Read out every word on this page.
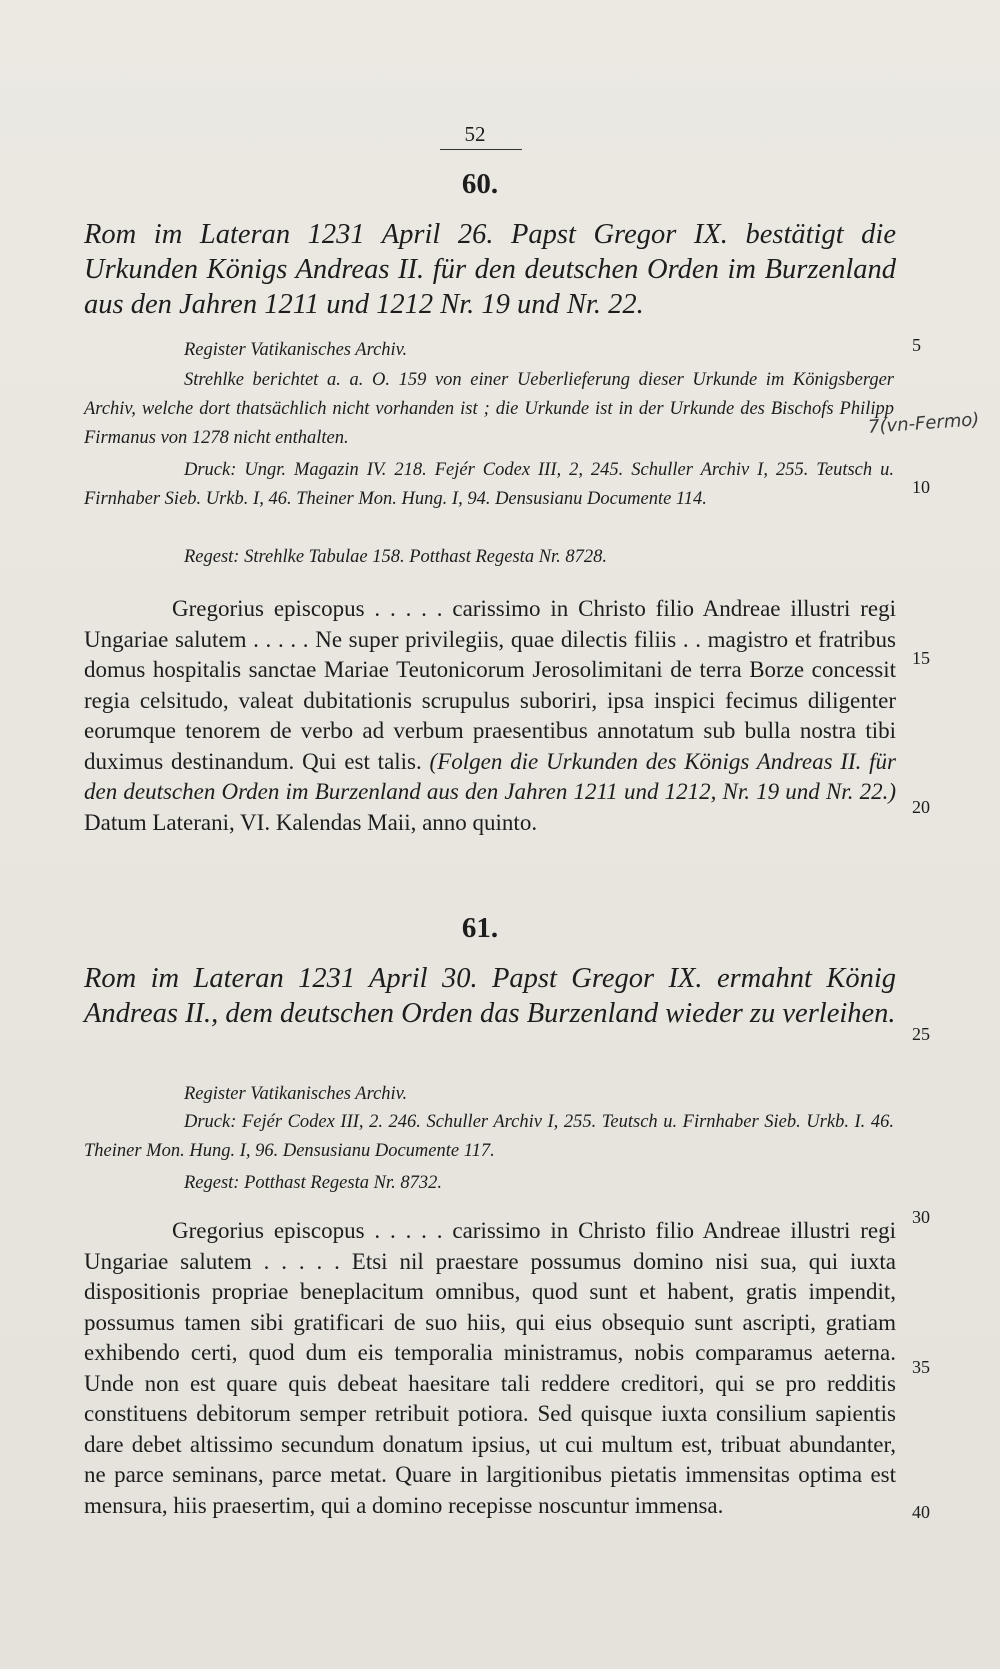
52
60.
Rom im Lateran 1231 April 26. Papst Gregor IX. bestätigt die Urkunden Königs Andreas II. für den deutschen Orden im Burzenland aus den Jahren 1211 und 1212 Nr. 19 und Nr. 22.
Register Vatikanisches Archiv.
Strehlke berichtet a. a. O. 159 von einer Ueberlieferung dieser Urkunde im Königsberger Archiv, welche dort thatsächlich nicht vorhanden ist ; die Urkunde ist in der Urkunde des Bischofs Philipp Firmanus von 1278 nicht enthalten.
7(vn-Fermo)
Druck: Ungr. Magazin IV. 218. Fejér Codex III, 2, 245. Schuller Archiv I, 255. Teutsch u. Firnhaber Sieb. Urkb. I, 46. Theiner Mon. Hung. I, 94. Densusianu Documente 114.
Regest: Strehlke Tabulae 158. Potthast Regesta Nr. 8728.
Gregorius episcopus . . . . . carissimo in Christo filio Andreae illustri regi Ungariae salutem . . . . . Ne super privilegiis, quae dilectis filiis . . magistro et fratribus domus hospitalis sanctae Mariae Teutonicorum Jerosolimitani de terra Borze concessit regia celsitudo, valeat dubitationis scrupulus suboriri, ipsa inspici fecimus diligenter eorumque tenorem de verbo ad verbum praesentibus annotatum sub bulla nostra tibi duximus destinandum. Qui est talis. (Folgen die Urkunden des Königs Andreas II. für den deutschen Orden im Burzenland aus den Jahren 1211 und 1212, Nr. 19 und Nr. 22.) Datum Laterani, VI. Kalendas Maii, anno quinto.
61.
Rom im Lateran 1231 April 30. Papst Gregor IX. ermahnt König Andreas II., dem deutschen Orden das Burzenland wieder zu verleihen.
Register Vatikanisches Archiv.
Druck: Fejér Codex III, 2. 246. Schuller Archiv I, 255. Teutsch u. Firnhaber Sieb. Urkb. I. 46. Theiner Mon. Hung. I, 96. Densusianu Documente 117.
Regest: Potthast Regesta Nr. 8732.
Gregorius episcopus . . . . . carissimo in Christo filio Andreae illustri regi Ungariae salutem . . . . . Etsi nil praestare possumus domino nisi sua, qui iuxta dispositionis propriae beneplacitum omnibus, quod sunt et habent, gratis impendit, possumus tamen sibi gratificari de suo hiis, qui eius obsequio sunt ascripti, gratiam exhibendo certi, quod dum eis temporalia ministramus, nobis comparamus aeterna. Unde non est quare quis debeat haesitare tali reddere creditori, qui se pro redditis constituens debitorum semper retribuit potiora. Sed quisque iuxta consilium sapientis dare debet altissimo secundum donatum ipsius, ut cui multum est, tribuat abundanter, ne parce seminans, parce metat. Quare in largitionibus pietatis immensitas optima est mensura, hiis praesertim, qui a domino recepisse noscuntur immensa.
5
10
15
20
25
30
35
40
